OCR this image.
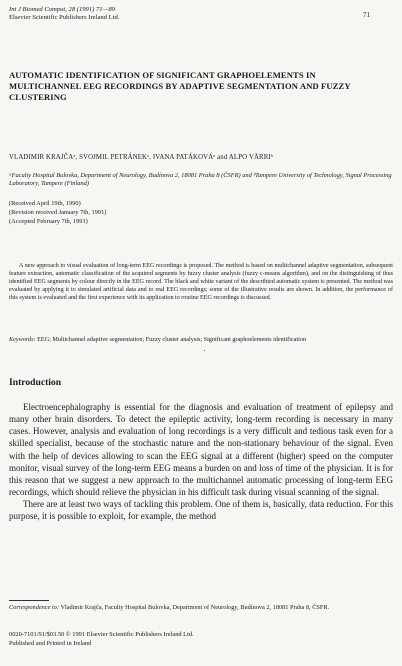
Int J Biomed Comput, 28 (1991) 71—89
Elsevier Scientific Publishers Ireland Ltd.	71
AUTOMATIC IDENTIFICATION OF SIGNIFICANT GRAPHOELEMENTS IN MULTICHANNEL EEG RECORDINGS BY ADAPTIVE SEGMENTATION AND FUZZY CLUSTERING
VLADIMIR KRAJČAᵃ, SVOJMIL PETRÁNEKᵃ, IVANA PATÁKOVÁᵃ and ALPO VÄRRIᵇ
ᵃFaculty Hospital Bulovka, Department of Neurology, Budínova 2, 18081 Praha 8 (ČSFR) and ᵇTampere University of Technology, Signal Processing Laboratory, Tampere (Finland)
(Received April 19th, 1990)
(Revision received January 7th, 1991)
(Accepted February 7th, 1991)
A new approach to visual evaluation of long-term EEG recordings is proposed. The method is based on multichannel adaptive segmentation, subsequent feature extraction, automatic classification of the acquired segments by fuzzy cluster analysis (fuzzy c-means algorithm), and on the distinguishing of thus identified EEG segments by colour directly in the EEG record. The black and white variant of the describted automatic system is presented. The method was evaluated by applying it to simulated artificial data and to real EEG recordings; some of the illustrative results are shown. In addition, the performance of this system is evaluated and the first experience with its application to routine EEG recordings is discussed.
Keywords: EEG; Multichannel adaptive segmentation; Fuzzy cluster analysis; Significant graphoelements identification
Introduction

Electroencephalography is essential for the diagnosis and evaluation of treatment of epilepsy and many other brain disorders. To detect the epileptic activity, long-term recording is necessary in many cases. However, analysis and evaluation of long recordings is a very difficult and tedious task even for a skilled specialist, because of the stochastic nature and the non-stationary behaviour of the signal. Even with the help of devices allowing to scan the EEG signal at a different (higher) speed on the computer monitor, visual survey of the long-term EEG means a burden on and loss of time of the physician. It is for this reason that we suggest a new approach to the multichannel automatic processing of long-term EEG recordings, which should relieve the physician in his difficult task during visual scanning of the signal.

There are at least two ways of tackling this problem. One of them is, basically, data reduction. For this purpose, it is possible to exploit, for example, the method

Correspondence to: Vladimir Krajča, Faculty Hospital Bulovka, Department of Neurology, Budínova 2, 18081 Praha 8, ČSFR.
0020-7101/91/$03.50 © 1991 Elsevier Scientific Publishers Ireland Ltd.
Published and Printed in Ireland
